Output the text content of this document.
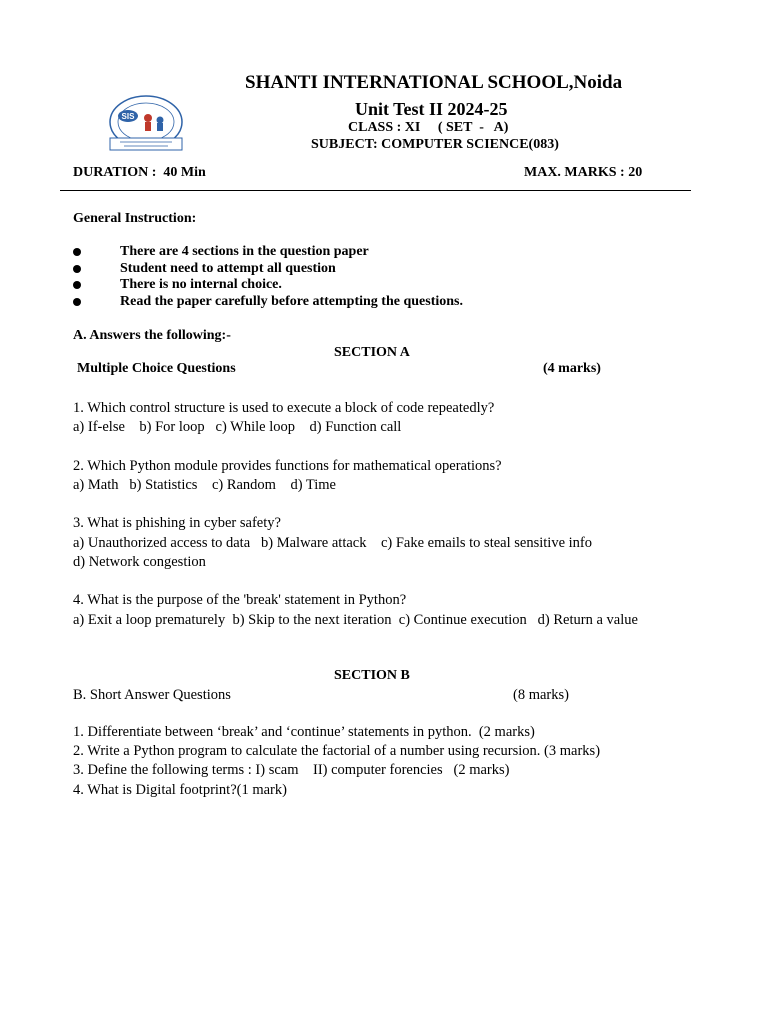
SIS
SHANTI INTERNATIONAL SCHOOL,Noida
Unit Test II 2024-25
CLASS : XI     ( SET  -   A)
SUBJECT: COMPUTER SCIENCE(083)
DURATION :  40 Min	MAX. MARKS : 20
General Instruction:
There are 4 sections in the question paper
Student need to attempt all question
There is no internal choice.
Read the paper carefully before attempting the questions.
A. Answers the following:-
SECTION A
Multiple Choice Questions	(4 marks)
1. Which control structure is used to execute a block of code repeatedly?
a) If-else    b) For loop   c) While loop    d) Function call
2. Which Python module provides functions for mathematical operations?
a) Math   b) Statistics    c) Random    d) Time
3. What is phishing in cyber safety?
a) Unauthorized access to data   b) Malware attack    c) Fake emails to steal sensitive info
d) Network congestion
4. What is the purpose of the 'break' statement in Python?
a) Exit a loop prematurely  b) Skip to the next iteration  c) Continue execution   d) Return a value
SECTION B
B. Short Answer Questions	(8 marks)
1. Differentiate between ‘break’ and ‘continue’ statements in python.  (2 marks)
2. Write a Python program to calculate the factorial of a number using recursion. (3 marks)
3. Define the following terms : I) scam    II) computer forencies   (2 marks)
4. What is Digital footprint?(1 mark)
